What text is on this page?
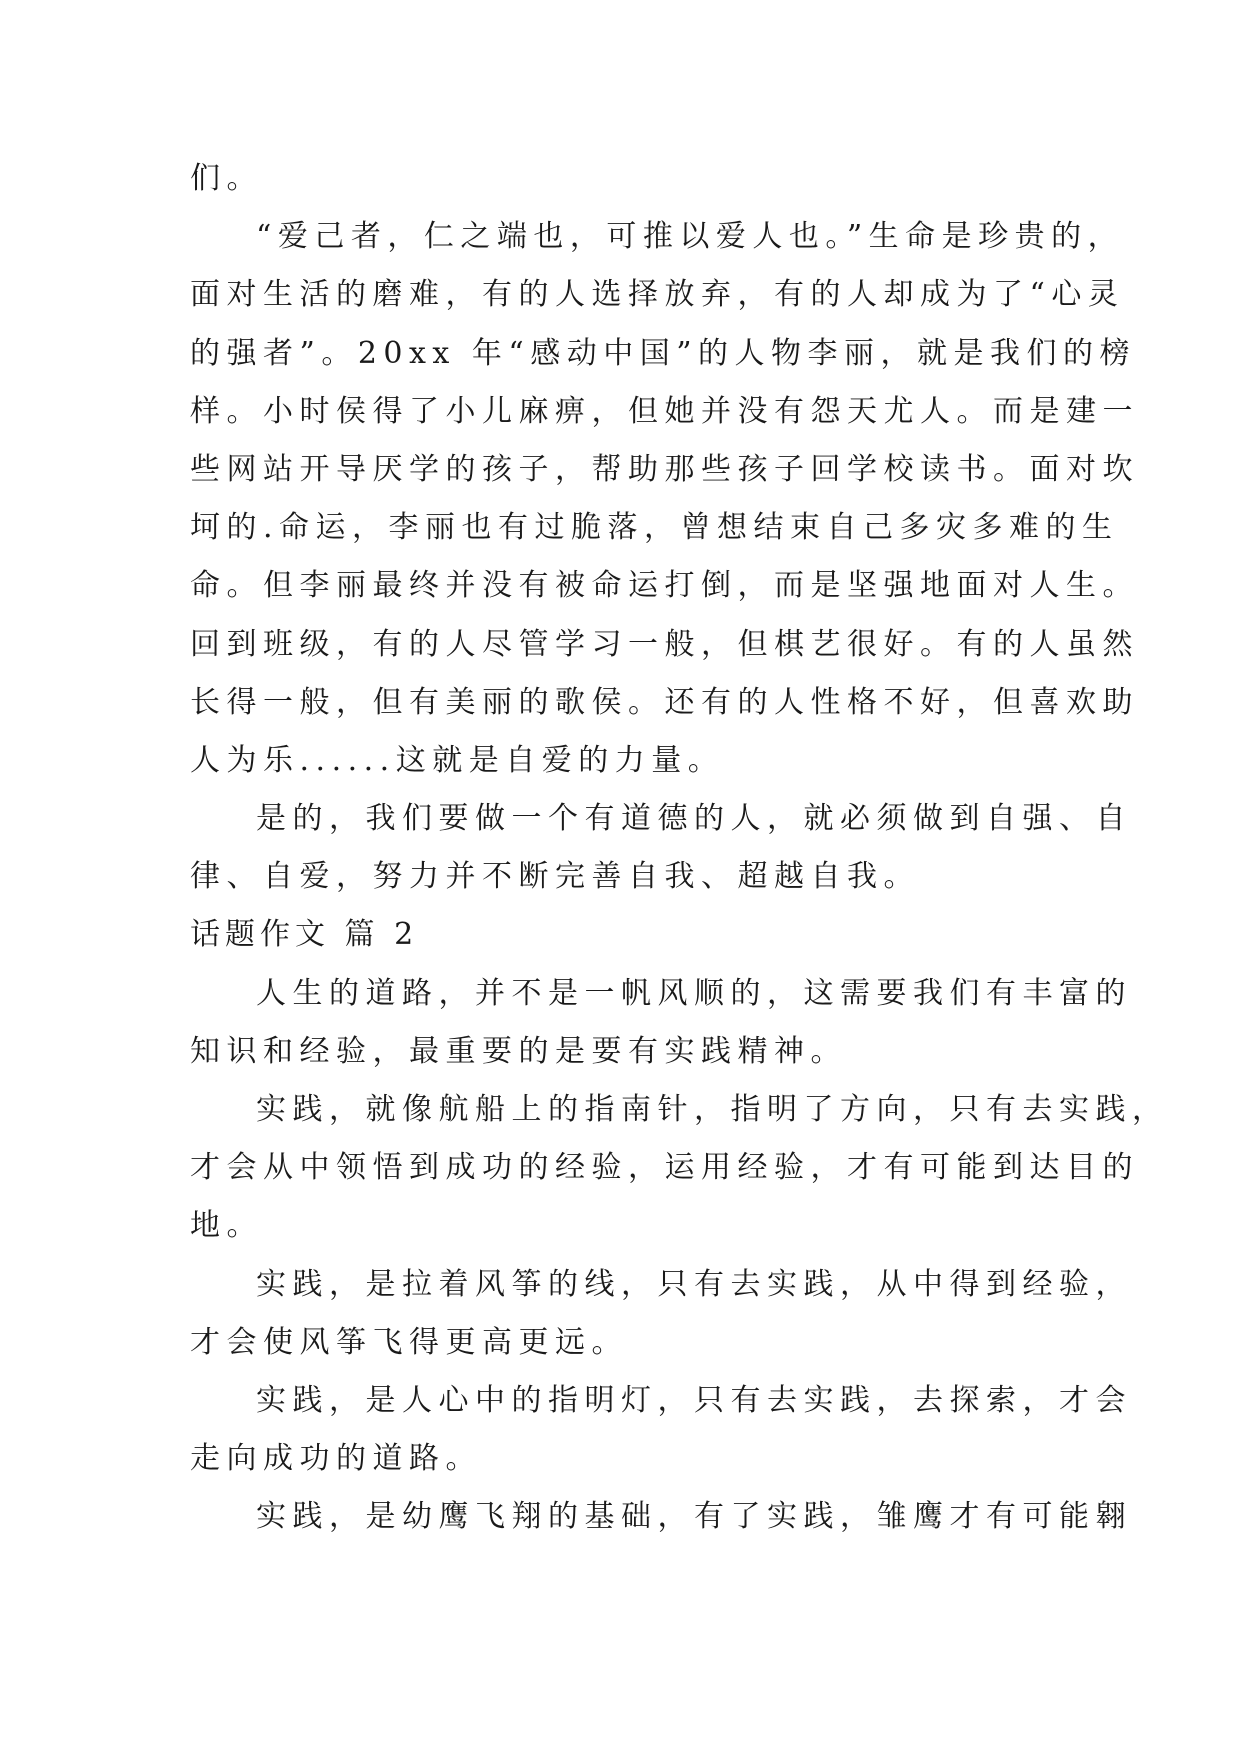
们。
“爱己者，仁之端也，可推以爱人也。”生命是珍贵的，
面对生活的磨难，有的人选择放弃，有的人却成为了“心灵
的强者”。20xx 年“感动中国”的人物李丽，就是我们的榜
样。小时侯得了小儿麻痹，但她并没有怨天尤人。而是建一
些网站开导厌学的孩子，帮助那些孩子回学校读书。面对坎
坷的.命运，李丽也有过脆落，曾想结束自己多灾多难的生
命。但李丽最终并没有被命运打倒，而是坚强地面对人生。
回到班级，有的人尽管学习一般，但棋艺很好。有的人虽然
长得一般，但有美丽的歌侯。还有的人性格不好，但喜欢助
人为乐......这就是自爱的力量。
是的，我们要做一个有道德的人，就必须做到自强、自
律、自爱，努力并不断完善自我、超越自我。
话题作文 篇 2
人生的道路，并不是一帆风顺的，这需要我们有丰富的
知识和经验，最重要的是要有实践精神。
实践，就像航船上的指南针，指明了方向，只有去实践，
才会从中领悟到成功的经验，运用经验，才有可能到达目的
地。
实践，是拉着风筝的线，只有去实践，从中得到经验，
才会使风筝飞得更高更远。
实践，是人心中的指明灯，只有去实践，去探索，才会
走向成功的道路。
实践，是幼鹰飞翔的基础，有了实践，雏鹰才有可能翱
